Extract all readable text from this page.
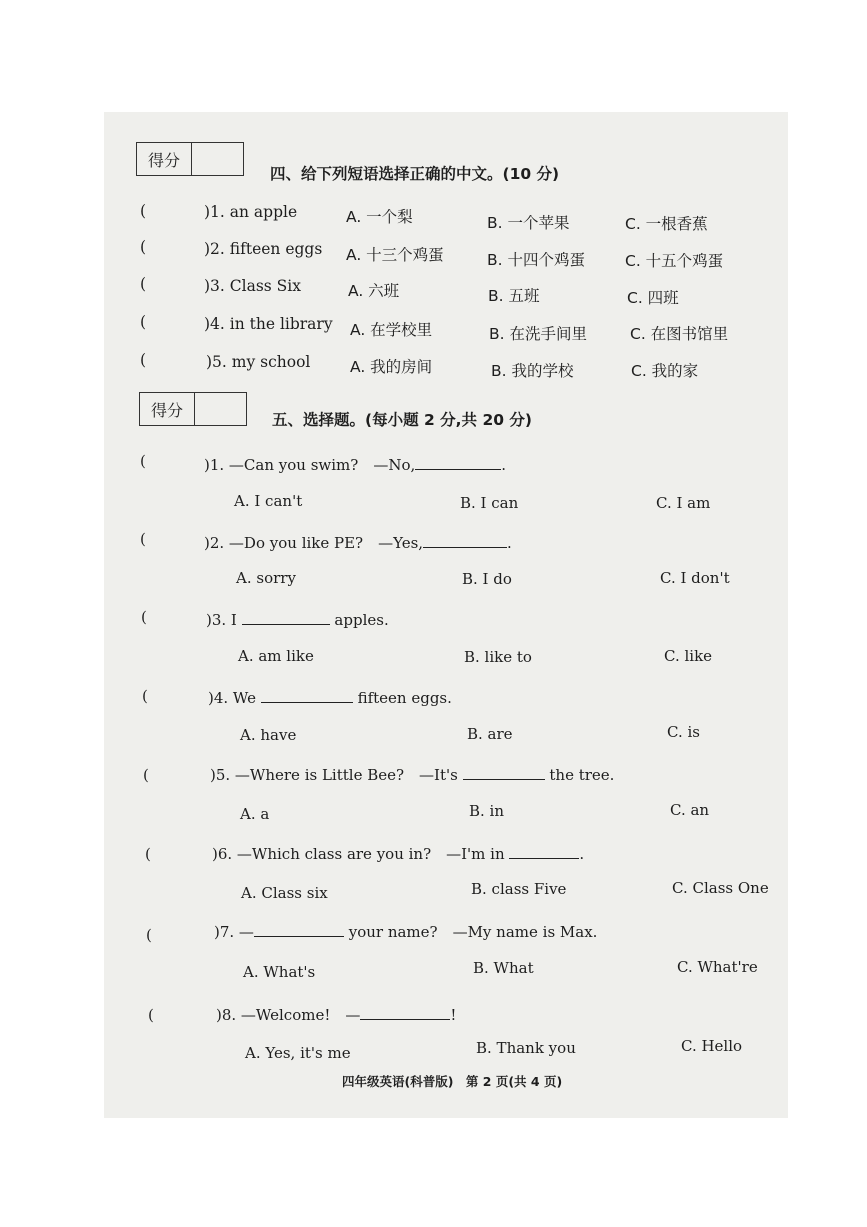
得分
四、给下列短语选择正确的中文。(10 分)
(	)1. an apple	A. 一个梨	B. 一个苹果	C. 一根香蕉
(	)2. fifteen eggs A. 十三个鸡蛋	B. 十四个鸡蛋	C. 十五个鸡蛋
(	)3. Class Six	A. 六班	B. 五班	C. 四班
(	)4. in the library A. 在学校里	B. 在洗手间里	C. 在图书馆里
(	)5. my school	A. 我的房间	B. 我的学校	C. 我的家
得分
五、选择题。(每小题 2 分,共 20 分)
(	)1. —Can you swim?　—No,	.
A. I can't	B. I can	C. I am
(	)2. —Do you like PE?　—Yes,	.
A. sorry	B. I do	C. I don't
(	)3. I	apples.
A. am like	B. like to	C. like
(	)4. We	fifteen eggs.
A. have	B. are	C. is
(	)5. —Where is Little Bee?　—It's	the tree.
A. a	B. in	C. an
(	)6. —Which class are you in?　—I'm in	.
A. Class six	B. class Five	C. Class One
(	)7. —	your name?　—My name is Max.
A. What's	B. What	C. What're
(	)8. —Welcome!　—	!
A. Yes, it's me	B. Thank you	C. Hello
四年级英语(科普版)　第 2 页(共 4 页)
